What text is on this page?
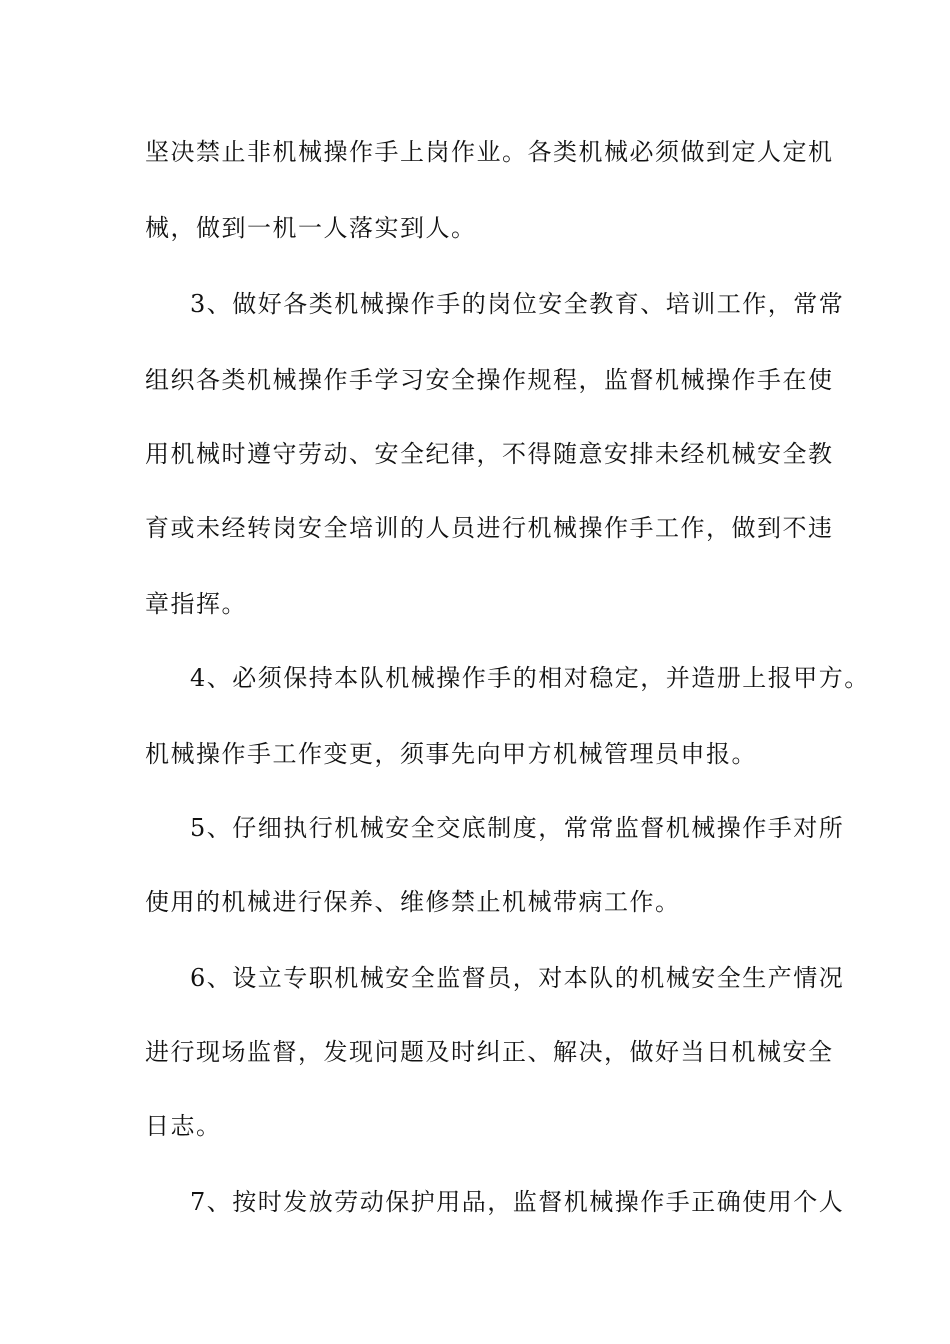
坚决禁止非机械操作手上岗作业。各类机械必须做到定人定机
械，做到一机一人落实到人。
3、做好各类机械操作手的岗位安全教育、培训工作，常常
组织各类机械操作手学习安全操作规程，监督机械操作手在使
用机械时遵守劳动、安全纪律，不得随意安排未经机械安全教
育或未经转岗安全培训的人员进行机械操作手工作，做到不违
章指挥。
4、必须保持本队机械操作手的相对稳定，并造册上报甲方。
机械操作手工作变更，须事先向甲方机械管理员申报。
5、仔细执行机械安全交底制度，常常监督机械操作手对所
使用的机械进行保养、维修禁止机械带病工作。
6、设立专职机械安全监督员，对本队的机械安全生产情况
进行现场监督，发现问题及时纠正、解决，做好当日机械安全
日志。
7、按时发放劳动保护用品，监督机械操作手正确使用个人
